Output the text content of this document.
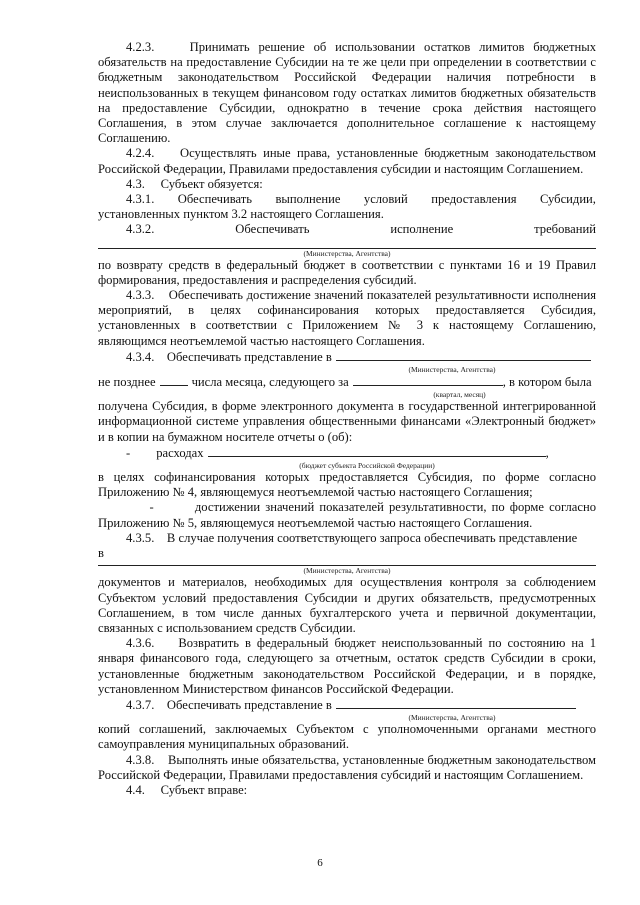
4.2.3.    Принимать решение об использовании остатков лимитов бюджетных обязательств на предоставление Субсидии на те же цели при определении в соответствии с бюджетным законодательством Российской Федерации наличия потребности в неиспользованных в текущем финансовом году остатках лимитов бюджетных обязательств на предоставление Субсидии, однократно в течение срока действия настоящего Соглашения, в этом случае заключается дополнительное соглашение к настоящему Соглашению.

4.2.4.    Осуществлять иные права, установленные бюджетным законодательством Российской Федерации, Правилами предоставления субсидии и настоящим Соглашением.

4.3.     Субъект обязуется:

4.3.1. Обеспечивать выполнение условий предоставления Субсидии,

установленных пунктом 3.2 настоящего Соглашения.

4.3.2.	Обеспечивать	исполнение	требований
(Министерства, Агентства)

по возврату средств в федеральный бюджет в соответствии с пунктами 16 и 19 Правил формирования, предоставления и распределения субсидий.

4.3.3.    Обеспечивать достижение значений показателей результативности исполнения мероприятий, в целях софинансирования которых предоставляется Субсидия, установленных в соответствии с Приложением № 3 к настоящему Соглашению, являющимся неотъемлемой частью настоящего Соглашения.

4.3.4.    Обеспечивать представление в
(Министерства, Агентства)
не позднее	числа месяца, следующего за	, в котором была
(квартал, месяц)

получена Субсидия, в форме электронного документа в государственной интегрированной информационной системе управления общественными финансами «Электронный бюджет» и в копии на бумажном носителе отчеты о (об):

- расходах	,
(бюджет субъекта Российской Федерации)

в целях софинансирования которых предоставляется Субсидия, по форме согласно Приложению № 4, являющемуся неотъемлемой частью настоящего Соглашения;

-        достижении значений показателей результативности, по форме согласно Приложению № 5, являющемуся неотъемлемой частью настоящего Соглашения.

4.3.5.    В случае получения соответствующего запроса обеспечивать представление

в
(Министерства, Агентства)

документов и материалов, необходимых для осуществления контроля за соблюдением Субъектом условий предоставления Субсидии и других обязательств, предусмотренных Соглашением, в том числе данных бухгалтерского учета и первичной документации, связанных с использованием средств Субсидии.

4.3.6.    Возвратить в федеральный бюджет неиспользованный по состоянию на 1 января финансового года, следующего за отчетным, остаток средств Субсидии в сроки, установленные бюджетным законодательством Российской Федерации, и в порядке, установленном Министерством финансов Российской Федерации.

4.3.7.    Обеспечивать представление в
(Министерства, Агентства)

копий соглашений, заключаемых Субъектом с уполномоченными органами местного самоуправления муниципальных образований.

4.3.8.    Выполнять иные обязательства, установленные бюджетным законодательством Российской Федерации, Правилами предоставления субсидий и настоящим Соглашением.

4.4.     Субъект вправе:

6
